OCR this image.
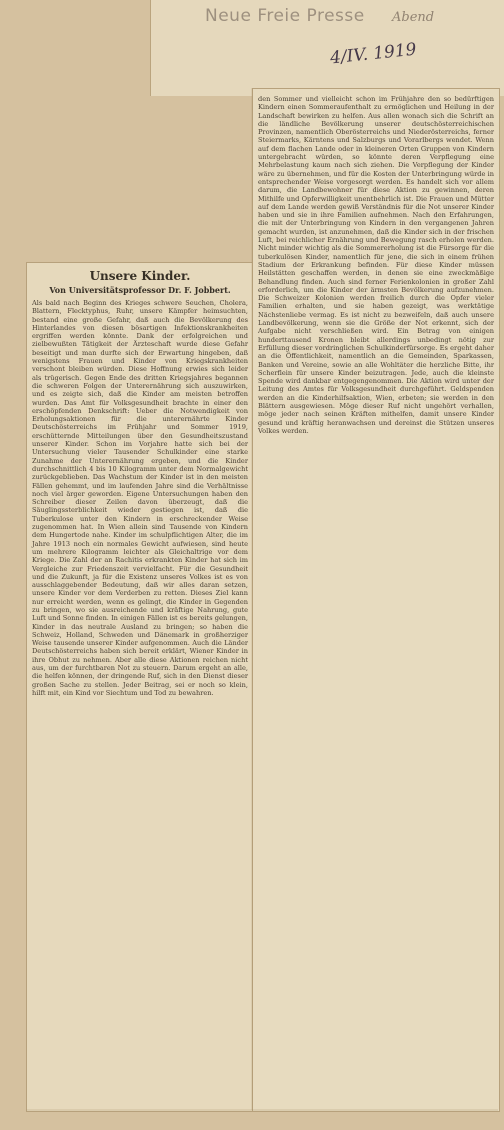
Neue Freie Presse Abend
4/IV. 1919
Unsere Kinder.
Von Universitätsprofessor Dr. F. Jobbert.
Als bald nach Beginn des Krieges schwere Seuchen, Cholera, Blattern, Flecktyphus, Ruhr, unsere Kämpfer heimsuchten, bestand eine große Gefahr, daß auch die Bevölkerung des Hinterlandes von diesen bösartigen Infektionskrankheiten ergriffen werden könnte. Dank der erfolgreichen und zielbewußten Tätigkeit der Ärzteschaft wurde diese Gefahr beseitigt und man durfte sich der Erwartung hingeben, daß wenigstens Frauen und Kinder von Kriegskrankheiten verschont bleiben würden. Diese Hoffnung erwies sich leider als trügerisch. Gegen Ende des dritten Kriegsjahres begannen die schweren Folgen der Unterernährung sich auszuwirken, und es zeigte sich, daß die Kinder am meisten betroffen wurden. Das Amt für Volksgesundheit brachte in einer den erschöpfenden Denkschrift: Ueber die Notwendigkeit von Erholungsaktionen für die unterernährte Kinder Deutschösterreichs im Frühjahr und Sommer 1919, erschütternde Mitteilungen über den Gesundheitszustand unserer Kinder. Schon im Vorjahre hatte sich bei der Untersuchung vieler Tausender Schulkinder eine starke Zunahme der Unterernährung ergeben, und die Kinder durchschnittlich 4 bis 10 Kilogramm unter dem Normalgewicht zurückgeblieben. Das Wachstum der Kinder ist in den meisten Fällen gehemmt, und im laufenden Jahre sind die Verhältnisse noch viel ärger geworden. Eigene Untersuchungen haben den Schreiber dieser Zeilen davon überzeugt, daß die Säuglingssterblichkeit wieder gestiegen ist, daß die Tuberkulose unter den Kindern in erschreckender Weise zugenommen hat. In Wien allein sind Tausende von Kindern dem Hungertode nahe. Kinder im schulpflichtigen Alter, die im Jahre 1913 noch ein normales Gewicht aufwiesen, sind heute um mehrere Kilogramm leichter als Gleichaltrige vor dem Kriege. Die Zahl der an Rachitis erkrankten Kinder hat sich im Vergleiche zur Friedenszeit vervielfacht. Für die Gesundheit und die Zukunft, ja für die Existenz unseres Volkes ist es von ausschlaggebender Bedeutung, daß wir alles daran setzen, unsere Kinder vor dem Verderben zu retten. Dieses Ziel kann nur erreicht werden, wenn es gelingt, die Kinder in Gegenden zu bringen, wo sie ausreichende und kräftige Nahrung, gute Luft und Sonne finden. In einigen Fällen ist es bereits gelungen, Kinder in das neutrale Ausland zu bringen; so haben die Schweiz, Holland, Schweden und Dänemark in großherziger Weise tausende unserer Kinder aufgenommen. Auch die Länder Deutschösterreichs haben sich bereit erklärt, Wiener Kinder in ihre Obhut zu nehmen. Aber alle diese Aktionen reichen nicht aus, um der furchtbaren Not zu steuern. Darum ergeht an alle, die helfen können, der dringende Ruf, sich in den Dienst dieser großen Sache zu stellen. Jeder Beitrag, sei er noch so klein, hilft mit, ein Kind vor Siechtum und Tod zu bewahren.
den Sommer und vielleicht schon im Frühjahre den so bedürftigen Kindern einen Sommeraufenthalt zu ermöglichen und Heilung in der Landschaft bewirken zu helfen. Aus allen wonach sich die Schrift an die ländliche Bevölkerung unserer deutschösterreichischen Provinzen, namentlich Oberösterreichs und Niederösterreichs, ferner Steiermarks, Kärntens und Salzburgs und Vorarlbergs wendet. Wenn auf dem flachen Lande oder in kleineren Orten Gruppen von Kindern untergebracht würden, so könnte deren Verpflegung eine Mehrbelastung kaum nach sich ziehen. Die Verpflegung der Kinder wäre zu übernehmen, und für die Kosten der Unterbringung würde in entsprechender Weise vorgesorgt werden. Es handelt sich vor allem darum, die Landbewohner für diese Aktion zu gewinnen, deren Mithilfe und Opferwilligkeit unentbehrlich ist. Die Frauen und Mütter auf dem Lande werden gewiß Verständnis für die Not unserer Kinder haben und sie in ihre Familien aufnehmen. Nach den Erfahrungen, die mit der Unterbringung von Kindern in den vergangenen Jahren gemacht wurden, ist anzunehmen, daß die Kinder sich in der frischen Luft, bei reichlicher Ernährung und Bewegung rasch erholen werden. Nicht minder wichtig als die Sommererholung ist die Fürsorge für die tuberkulösen Kinder, namentlich für jene, die sich in einem frühen Stadium der Erkrankung befinden. Für diese Kinder müssen Heilstätten geschaffen werden, in denen sie eine zweckmäßige Behandlung finden. Auch sind ferner Ferienkolonien in großer Zahl erforderlich, um die Kinder der ärmsten Bevölkerung aufzunehmen. Die Schweizer Kolonien werden freilich durch die Opfer vieler Familien erhalten, und sie haben gezeigt, was werktätige Nächstenliebe vermag. Es ist nicht zu bezweifeln, daß auch unsere Landbevölkerung, wenn sie die Größe der Not erkennt, sich der Aufgabe nicht verschließen wird. Ein Betrag von einigen hunderttausend Kronen bleibt allerdings unbedingt nötig zur Erfüllung dieser vordringlichen Schulkinderfürsorge. Es ergeht daher an die Öffentlichkeit, namentlich an die Gemeinden, Sparkassen, Banken und Vereine, sowie an alle Wohltäter die herzliche Bitte, ihr Scherflein für unsere Kinder beizutragen. Jede, auch die kleinste Spende wird dankbar entgegengenommen. Die Aktion wird unter der Leitung des Amtes für Volksgesundheit durchgeführt. Geldspenden werden an die Kinderhilfsaktion, Wien, erbeten; sie werden in den Blättern ausgewiesen. Möge dieser Ruf nicht ungehört verhallen, möge jeder nach seinen Kräften mithelfen, damit unsere Kinder gesund und kräftig heranwachsen und dereinst die Stützen unseres Volkes werden.
